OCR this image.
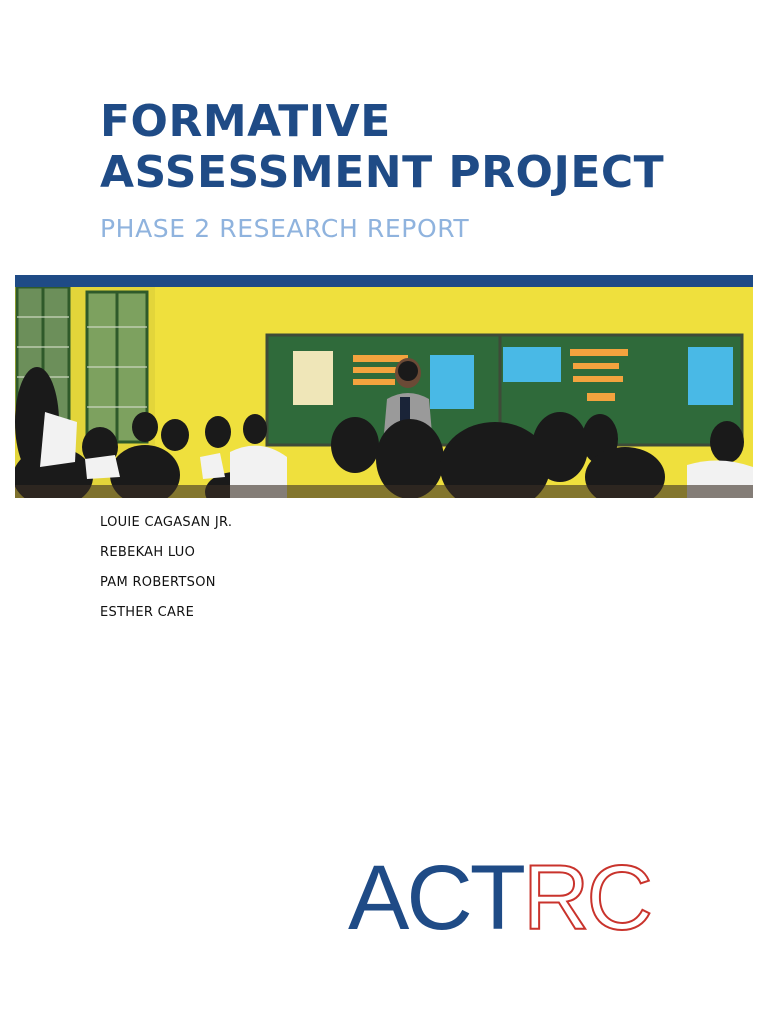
FORMATIVE
ASSESSMENT PROJECT
PHASE 2 RESEARCH REPORT
LOUIE CAGASAN JR.
REBEKAH LUO
PAM ROBERTSON
ESTHER CARE
ACTRC
